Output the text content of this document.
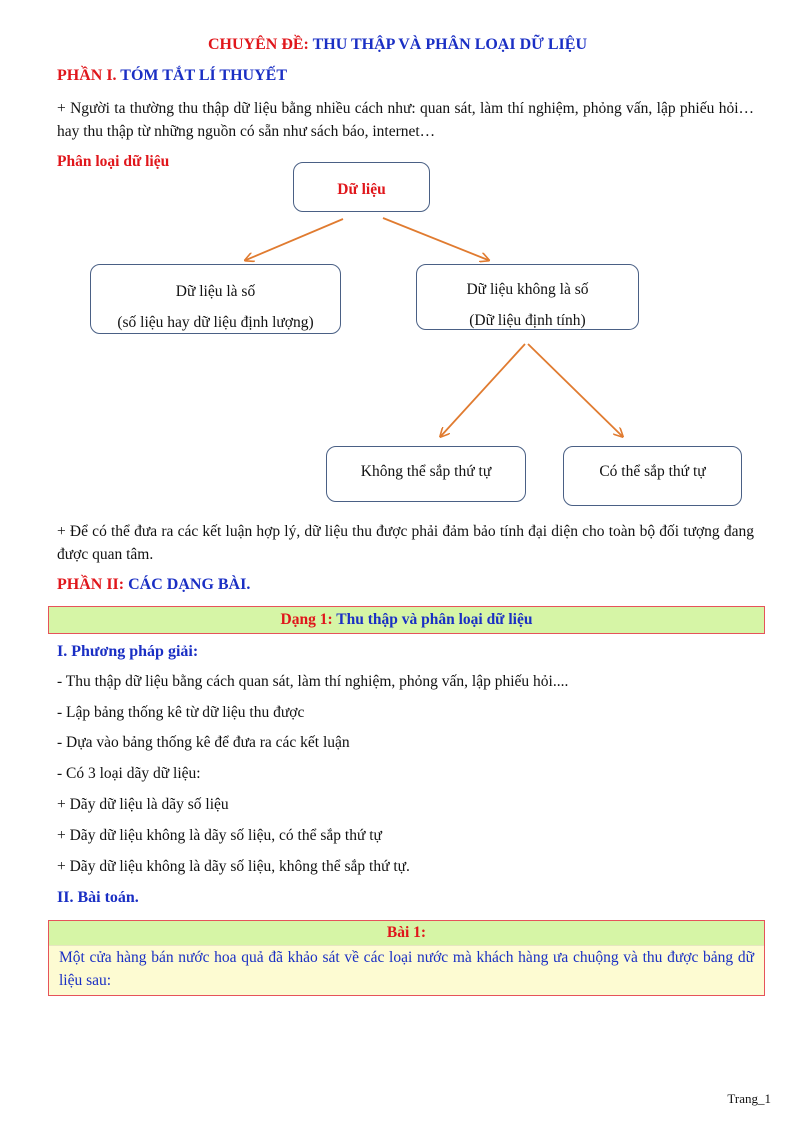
CHUYÊN ĐỀ: THU THẬP VÀ PHÂN LOẠI DỮ LIỆU
PHẦN I. TÓM TẮT LÍ THUYẾT
+ Người ta thường thu thập dữ liệu bằng nhiều cách như: quan sát, làm thí nghiệm, phỏng vấn, lập phiếu hỏi…hay thu thập từ những nguồn có sẵn như sách báo, internet…
Phân loại dữ liệu
Dữ liệu
Dữ liệu là số
(số liệu hay dữ liệu định lượng)
Dữ liệu không là số
(Dữ liệu định tính)
Không thể sắp thứ tự	Có thể sắp thứ tự
+ Để có thể đưa ra các kết luận hợp lý, dữ liệu thu được phải đảm bảo tính đại diện cho toàn bộ đối tượng đang được quan tâm.
PHẦN II: CÁC DẠNG BÀI.
Dạng 1: Thu thập và phân loại dữ liệu
I. Phương pháp giải:
- Thu thập dữ liệu bằng cách quan sát, làm thí nghiệm, phỏng vấn, lập phiếu hỏi....
- Lập bảng thống kê từ dữ liệu thu được
- Dựa vào bảng thống kê để đưa ra các kết luận
- Có 3 loại dãy dữ liệu:
+ Dãy dữ liệu là dãy số liệu
+ Dãy dữ liệu không là dãy số liệu, có thể sắp thứ tự
+ Dãy dữ liệu không là dãy số liệu, không thể sắp thứ tự.
II. Bài toán.
Bài 1:
Một cửa hàng bán nước hoa quả đã khảo sát về các loại nước mà khách hàng ưa chuộng và thu được bảng dữ liệu sau:
Trang_1
